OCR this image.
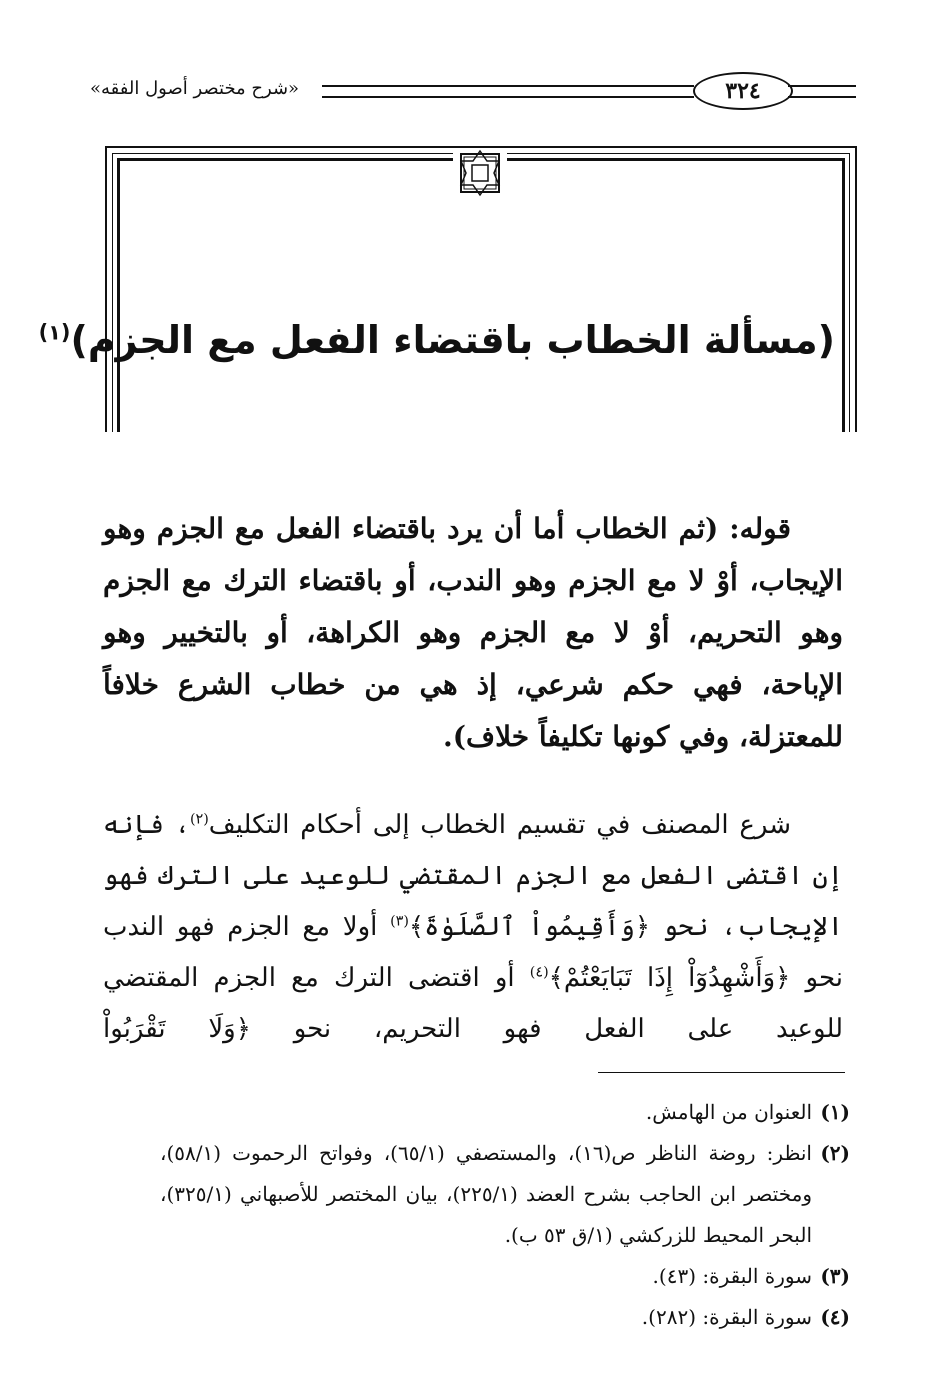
«شرح مختصر أصول الفقه»	٣٢٤
(مسألة الخطاب باقتضاء الفعل مع الجزم)$^{(١)}$

قوله: (ثم الخطاب أما أن يرد باقتضاء الفعل مع الجزم وهو الإيجاب، أوْ لا مع الجزم وهو الندب، أو باقتضاء الترك مع الجزم وهو التحريم، أوْ لا مع الجزم وهو الكراهة، أو بالتخيير وهو الإباحة، فهي حكم شرعي، إذ هي من خطاب الشرع خلافاً للمعتزلة، وفي كونها تكليفاً خلاف).

شرع المصنف في تقسيم الخطاب إلى أحكام التكليف$^{(٢)}$، فإنه إن اقتضى الفعل مع الجزم المقتضي للوعيد على الترك فهو الإيجاب، نحو ﴿وَأَقِيمُواْ ٱلصَّلَوٰةَ﴾$^{(٣)}$ أولا مع الجزم فهو الندب نحو ﴿وَأَشْهِدُوٓاْ إِذَا تَبَايَعْتُمْ﴾$^{(٤)}$ أو اقتضى الترك مع الجزم المقتضي للوعيد على الفعل فهو التحريم، نحو ﴿وَلَا تَقْرَبُواْ

(١)
العنوان من الهامش.
(٢)
انظر: روضة الناظر ص(١٦)، والمستصفي (٦٥/١)، وفواتح الرحموت (٥٨/١)، ومختصر ابن الحاجب بشرح العضد (٢٢٥/١)، بيان المختصر للأصبهاني (٣٢٥/١)، البحر المحيط للزركشي (١/ق ٥٣ ب).
(٣)
سورة البقرة: (٤٣).
(٤)
سورة البقرة: (٢٨٢).
